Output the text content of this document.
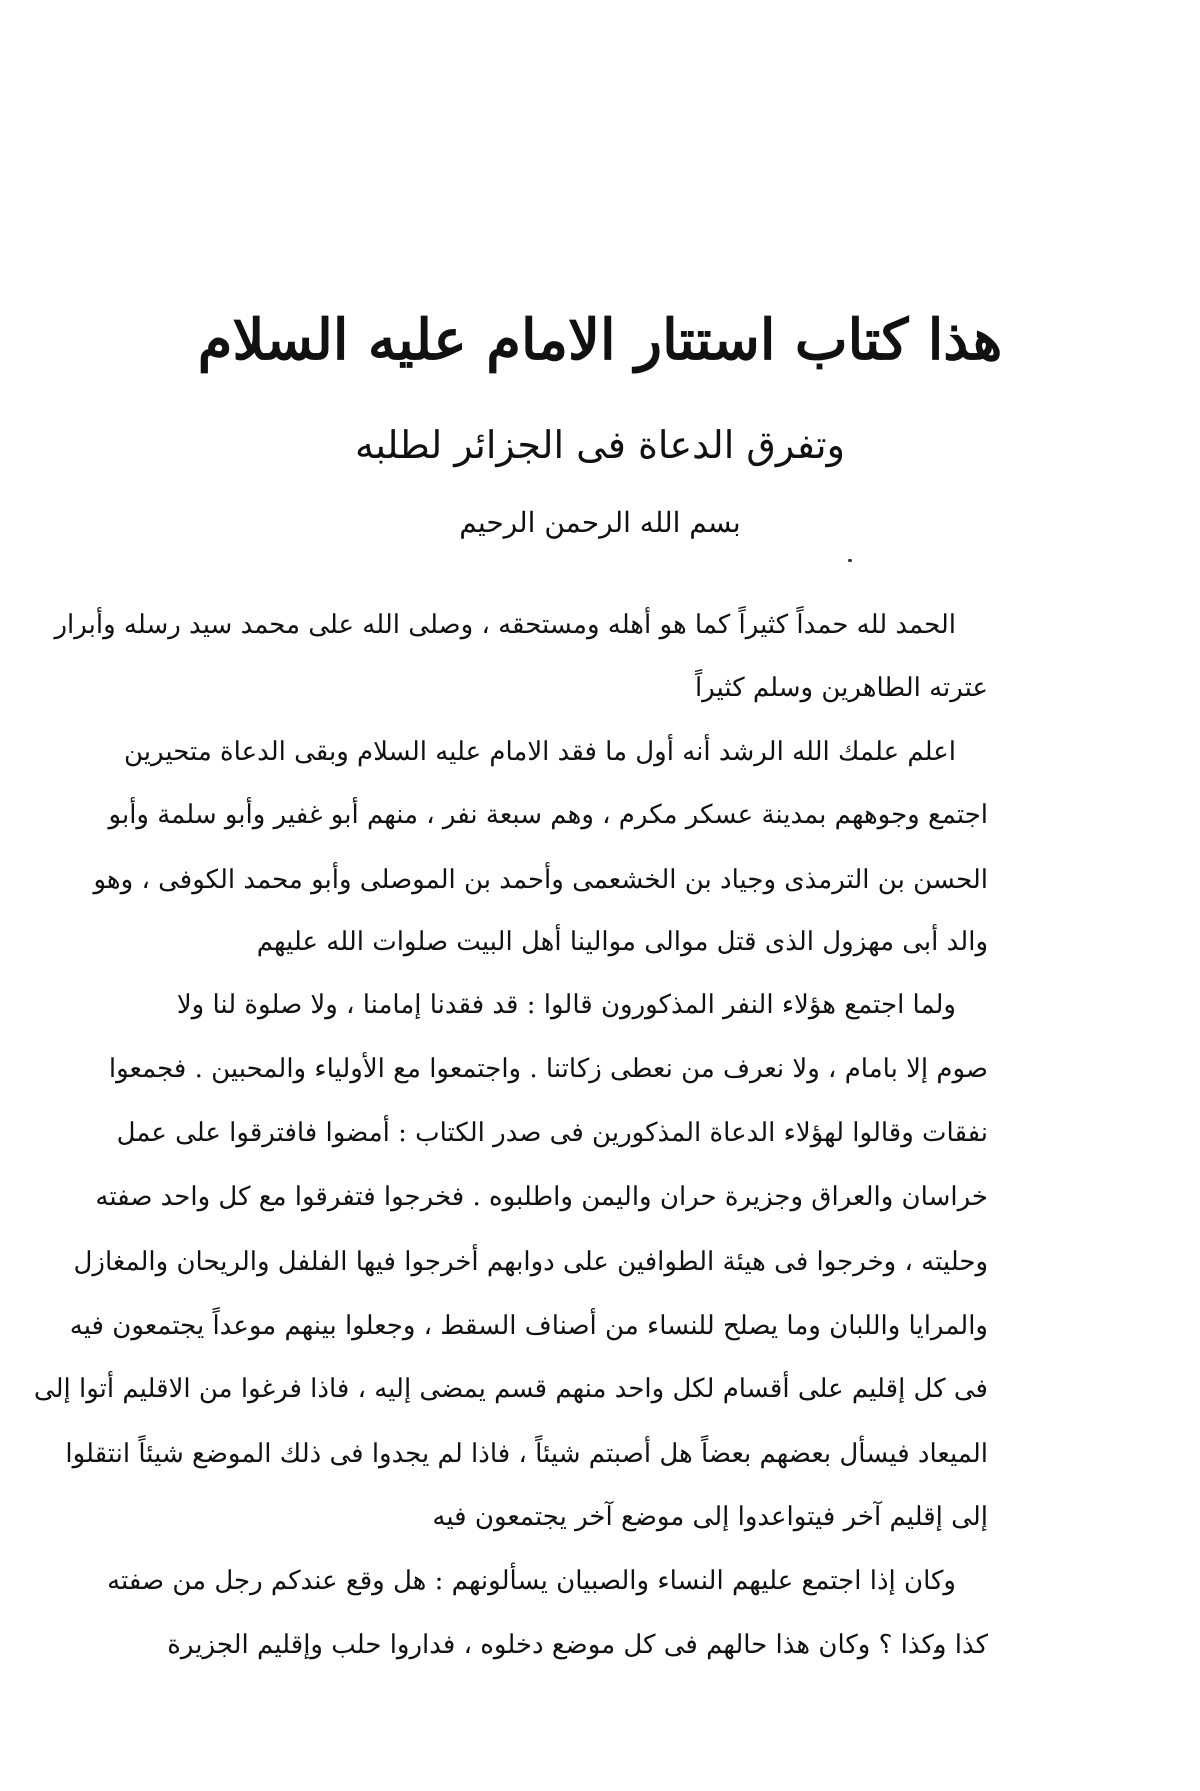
هذا كتاب استتار الامام عليه السلام
وتفرق الدعاة فى الجزائر لطلبه
بسم الله الرحمن الرحيم
الحمد لله حمداً كثيراً كما هو أهله ومستحقه ، وصلى الله على محمد سيد رسله وأبرار
عترته الطاهرين وسلم كثيراً
اعلم علمك الله الرشد أنه أول ما فقد الامام عليه السلام وبقى الدعاة متحيرين
اجتمع وجوههم بمدينة عسكر مكرم ، وهم سبعة نفر ، منهم أبو غفير وأبو سلمة وأبو
الحسن بن الترمذى وجياد بن الخشعمى وأحمد بن الموصلى وأبو محمد الكوفى ، وهو
والد أبى مهزول الذى قتل موالى موالينا أهل البيت صلوات الله عليهم
ولما اجتمع هؤلاء النفر المذكورون قالوا : قد فقدنا إمامنا ، ولا صلوة لنا ولا
صوم إلا بامام ، ولا نعرف من نعطى زكاتنا . واجتمعوا مع الأولياء والمحبين . فجمعوا
نفقات وقالوا لهؤلاء الدعاة المذكورين فى صدر الكتاب : أمضوا فافترقوا على عمل
خراسان والعراق وجزيرة حران واليمن واطلبوه . فخرجوا فتفرقوا مع كل واحد صفته
وحليته ، وخرجوا فى هيئة الطوافين على دوابهم أخرجوا فيها الفلفل والريحان والمغازل
والمرايا واللبان وما يصلح للنساء من أصناف السقط ، وجعلوا بينهم موعداً يجتمعون فيه
فى كل إقليم على أقسام لكل واحد منهم قسم يمضى إليه ، فاذا فرغوا من الاقليم أتوا إلى
الميعاد فيسأل بعضهم بعضاً هل أصبتم شيئاً ، فاذا لم يجدوا فى ذلك الموضع شيئاً انتقلوا
إلى إقليم آخر فيتواعدوا إلى موضع آخر يجتمعون فيه
وكان إذا اجتمع عليهم النساء والصبيان يسألونهم : هل وقع عندكم رجل من صفته
كذا وكذا ؟ وكان هذا حالهم فى كل موضع دخلوه ، فداروا حلب وإقليم الجزيرة
